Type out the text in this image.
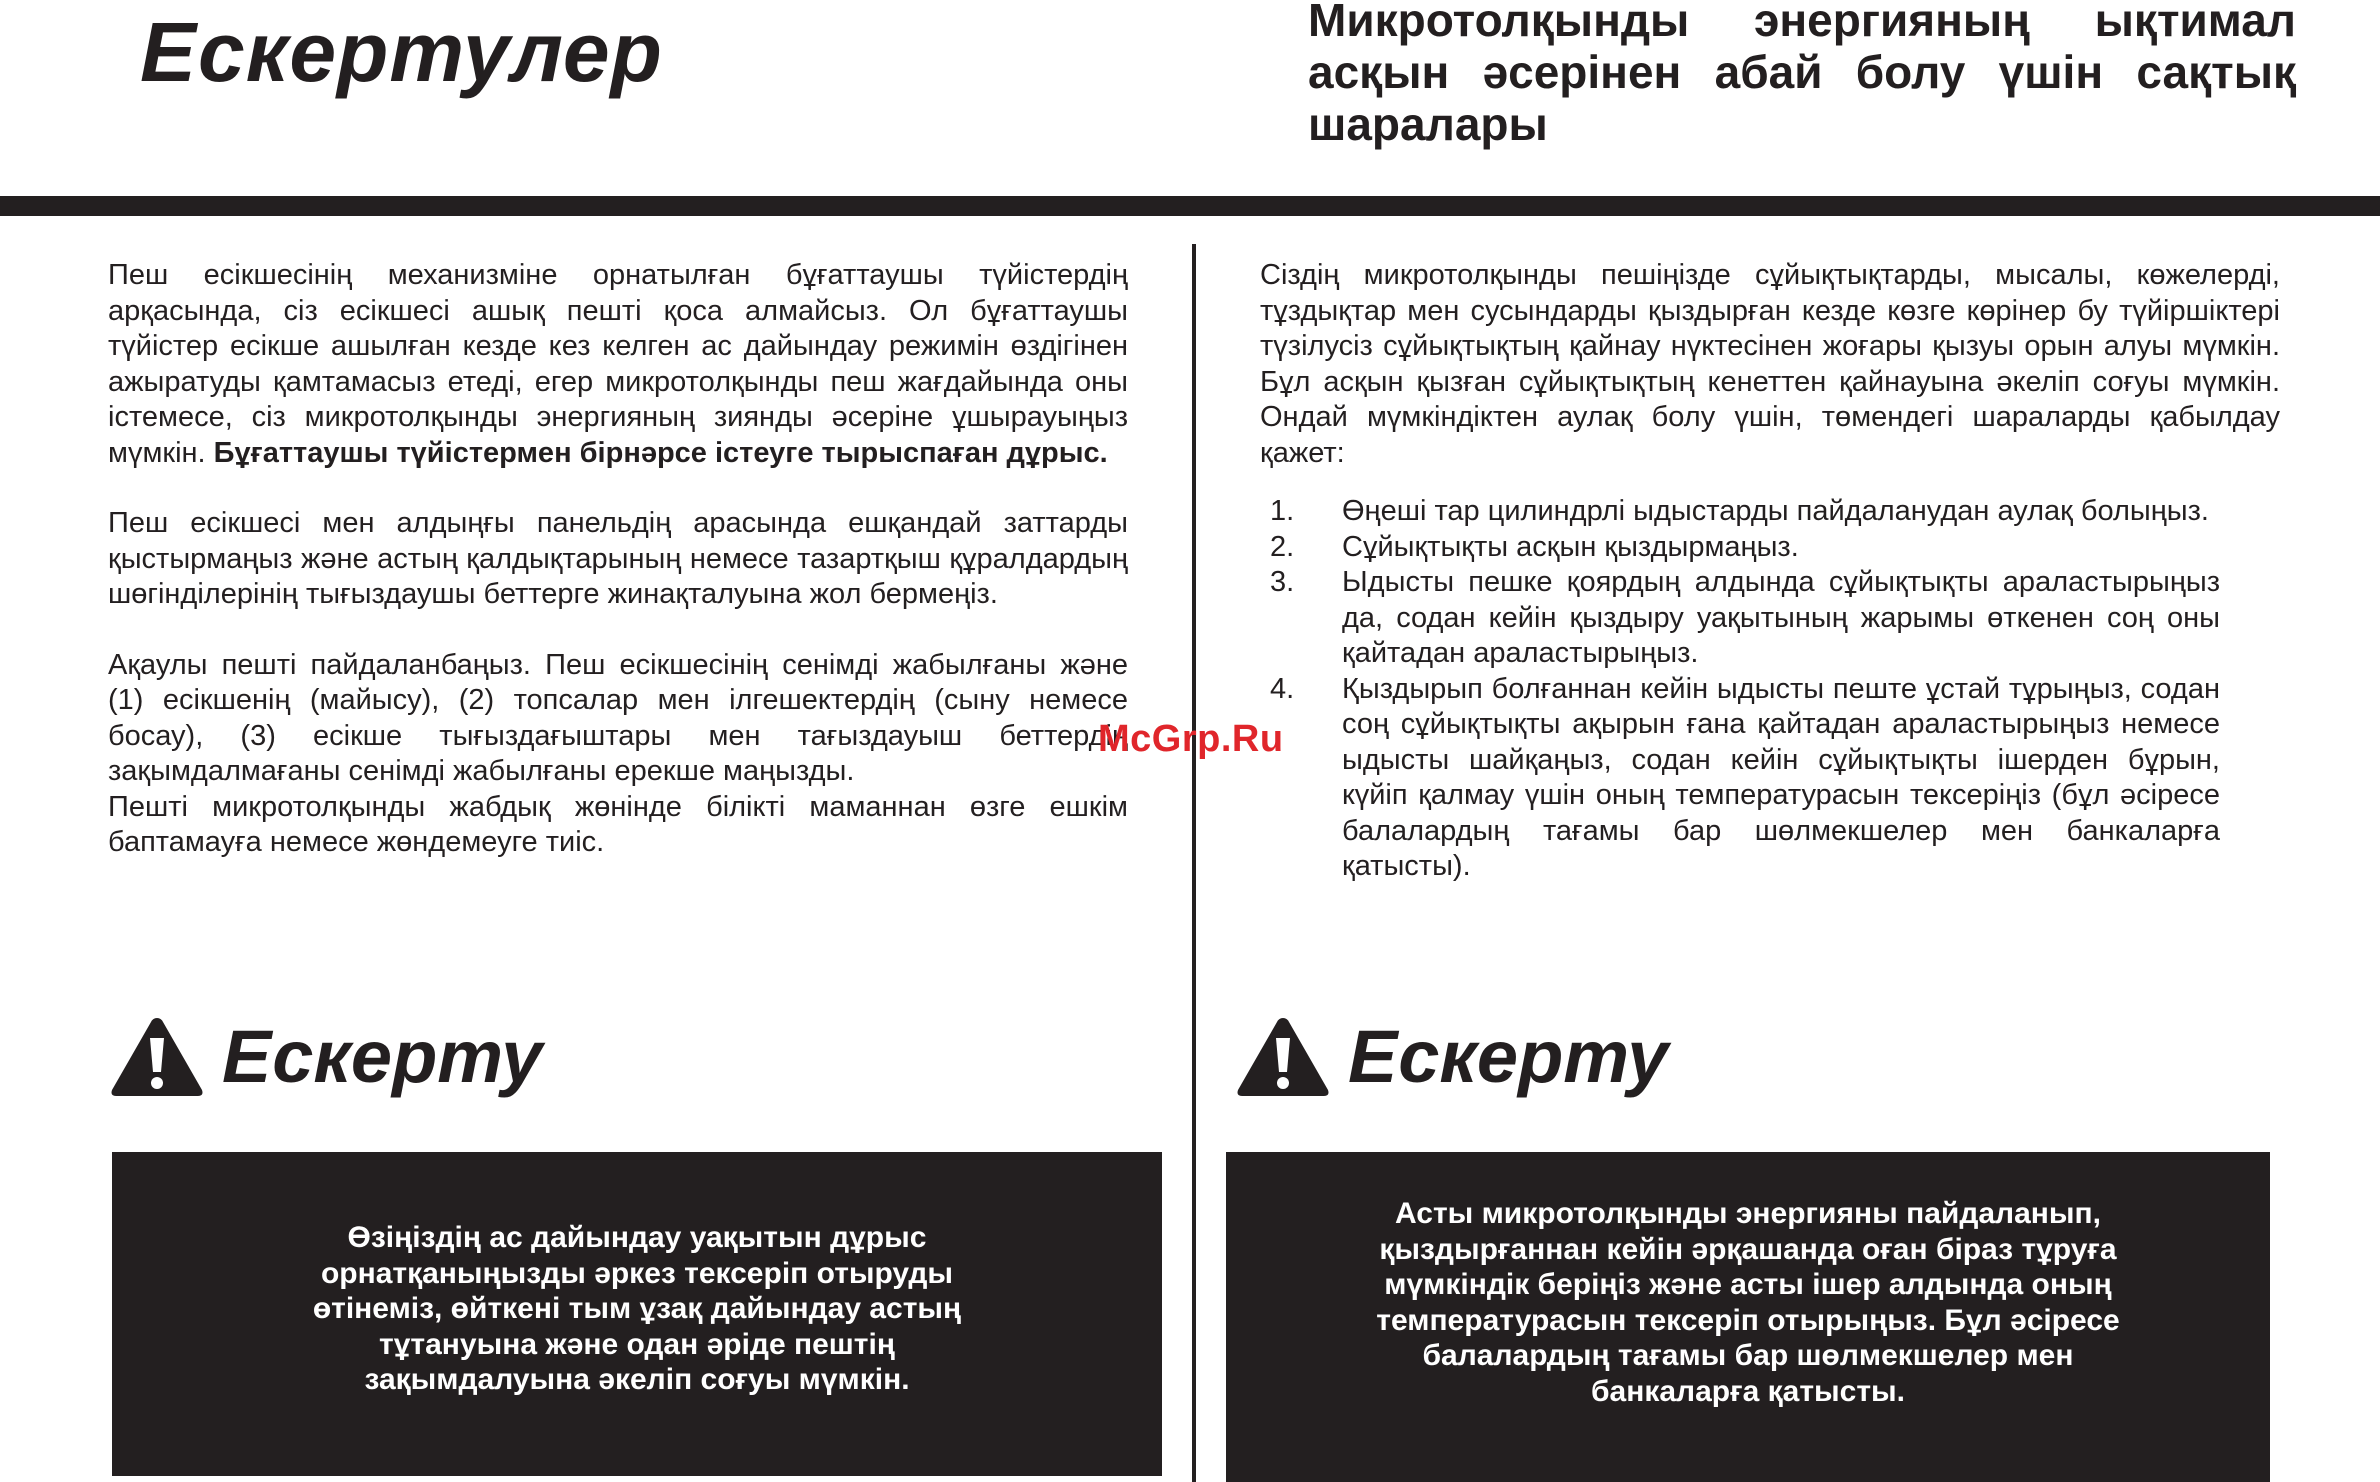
Ескертулер	Микротолқынды энергияның ықтимал асқын әсерінен абай болу үшін сақтық шаралары

Пеш есікшесінің механизміне орнатылған бұғаттаушы түйістердің арқасында, сіз есікшесі ашық пешті қоса алмайсыз. Ол бұғаттаушы түйістер есікше ашылған кезде кез келген ас дайындау режимін өздігінен ажыратуды қамтамасыз етеді, егер микротолқынды пеш жағдайында оны істемесе, сіз микротолқынды энергияның зиянды әсеріне ұшырауыңыз мүмкін. Бұғаттаушы түйістермен бірнәрсе істеуге тырыспаған дұрыс.

Пеш есікшесі мен алдыңғы панельдің арасында ешқандай заттарды қыстырмаңыз және астың қалдықтарының немесе тазартқыш құралдардың шөгінділерінің тығыздаушы беттерге жинақталуына жол бермеңіз.

Ақаулы пешті пайдаланбаңыз. Пеш есікшесінің сенімді жабылғаны және (1) есікшенің (майысу), (2) топсалар мен ілгешектердің (сыну немесе босау), (3) есікше тығыздағыштары мен тағыздауыш беттердің зақымдалмағаны сенімді жабылғаны ерекше маңызды.

Пешті микротолқынды жабдық жөнінде білікті маманнан өзге ешкім баптамауға немесе жөндемеуге тиіс.

Сіздің микротолқынды пешіңізде сұйықтықтарды, мысалы, көжелерді, тұздықтар мен сусындарды қыздырған кезде көзге көрінер бу түйіршіктері түзілусіз сұйықтықтың қайнау нүктесінен жоғары қызуы орын алуы мүмкін. Бұл асқын қызған сұйықтықтың кенеттен қайнауына әкеліп соғуы мүмкін. Ондай мүмкіндіктен аулақ болу үшін, төмендегі шараларды қабылдау қажет:

1. Өңеші тар цилиндрлі ыдыстарды пайдаланудан аулақ болыңыз.
2. Сұйықтықты асқын қыздырмаңыз.
3. Ыдысты пешке қоярдың алдында сұйықтықты араластырыңыз да, содан кейін қыздыру уақытының жарымы өткенен соң оны қайтадан араластырыңыз.
4. Қыздырып болғаннан кейін ыдысты пеште ұстай тұрыңыз, содан соң сұйықтықты ақырын ғана қайтадан араластырыңыз немесе ыдысты шайқаңыз, содан кейін сұйықтықты ішерден бұрын, күйіп қалмау үшін оның температурасын тексеріңіз (бұл әсіресе балалардың тағамы бар шөлмекшелер мен банкаларға қатысты).
Ескерту	Ескерту
Өзіңіздің ас дайындау уақытын дұрыс
орнатқаныңызды әркез тексеріп отыруды
өтінеміз, өйткені тым ұзақ дайындау астың
тұтануына және одан әріде пештің
зақымдалуына әкеліп соғуы мүмкін.
Асты микротолқынды энергияны пайдаланып,
қыздырғаннан кейін әрқашанда оған біраз тұруға
мүмкіндік беріңіз және асты ішер алдында оның
температурасын тексеріп отырыңыз. Бұл әсіресе
балалардың тағамы бар шөлмекшелер мен
банкаларға қатысты.
McGrp.Ru
